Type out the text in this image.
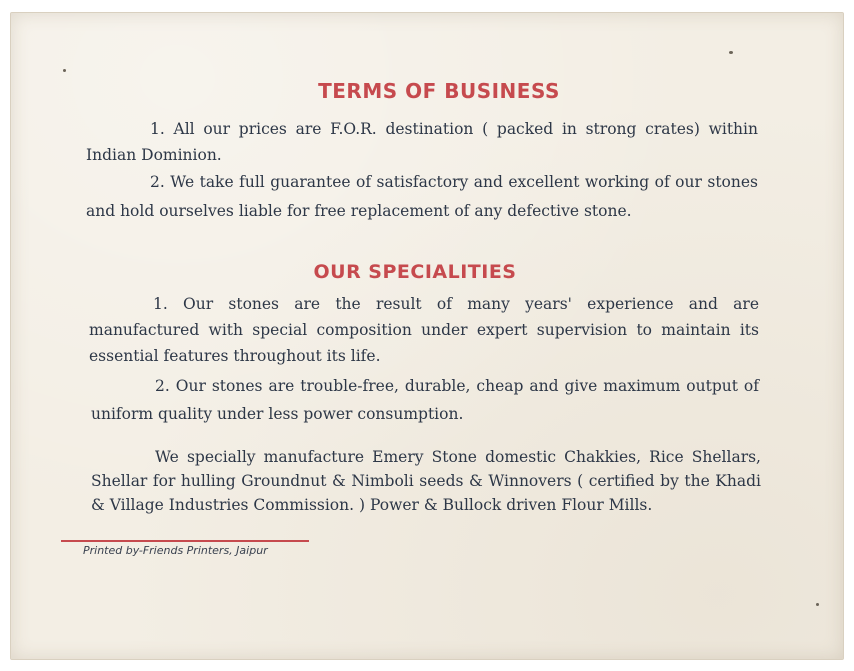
TERMS OF BUSINESS
1. All our prices are F.O.R. destination ( packed in strong crates) within Indian Dominion.
2. We take full guarantee of satisfactory and excellent working of our stones and hold ourselves liable for free replacement of any defective stone.
OUR SPECIALITIES
1. Our stones are the result of many years' experience and are manufactured with special composition under expert supervision to maintain its essential features throughout its life.
2. Our stones are trouble-free, durable, cheap and give maximum output of uniform quality under less power consumption.
We specially manufacture Emery Stone domestic Chakkies, Rice Shellars, Shellar for hulling Groundnut & Nimboli seeds & Winnovers ( certified by the Khadi & Village Industries Commission. ) Power & Bullock driven Flour Mills.
Printed by-Friends Printers, Jaipur
